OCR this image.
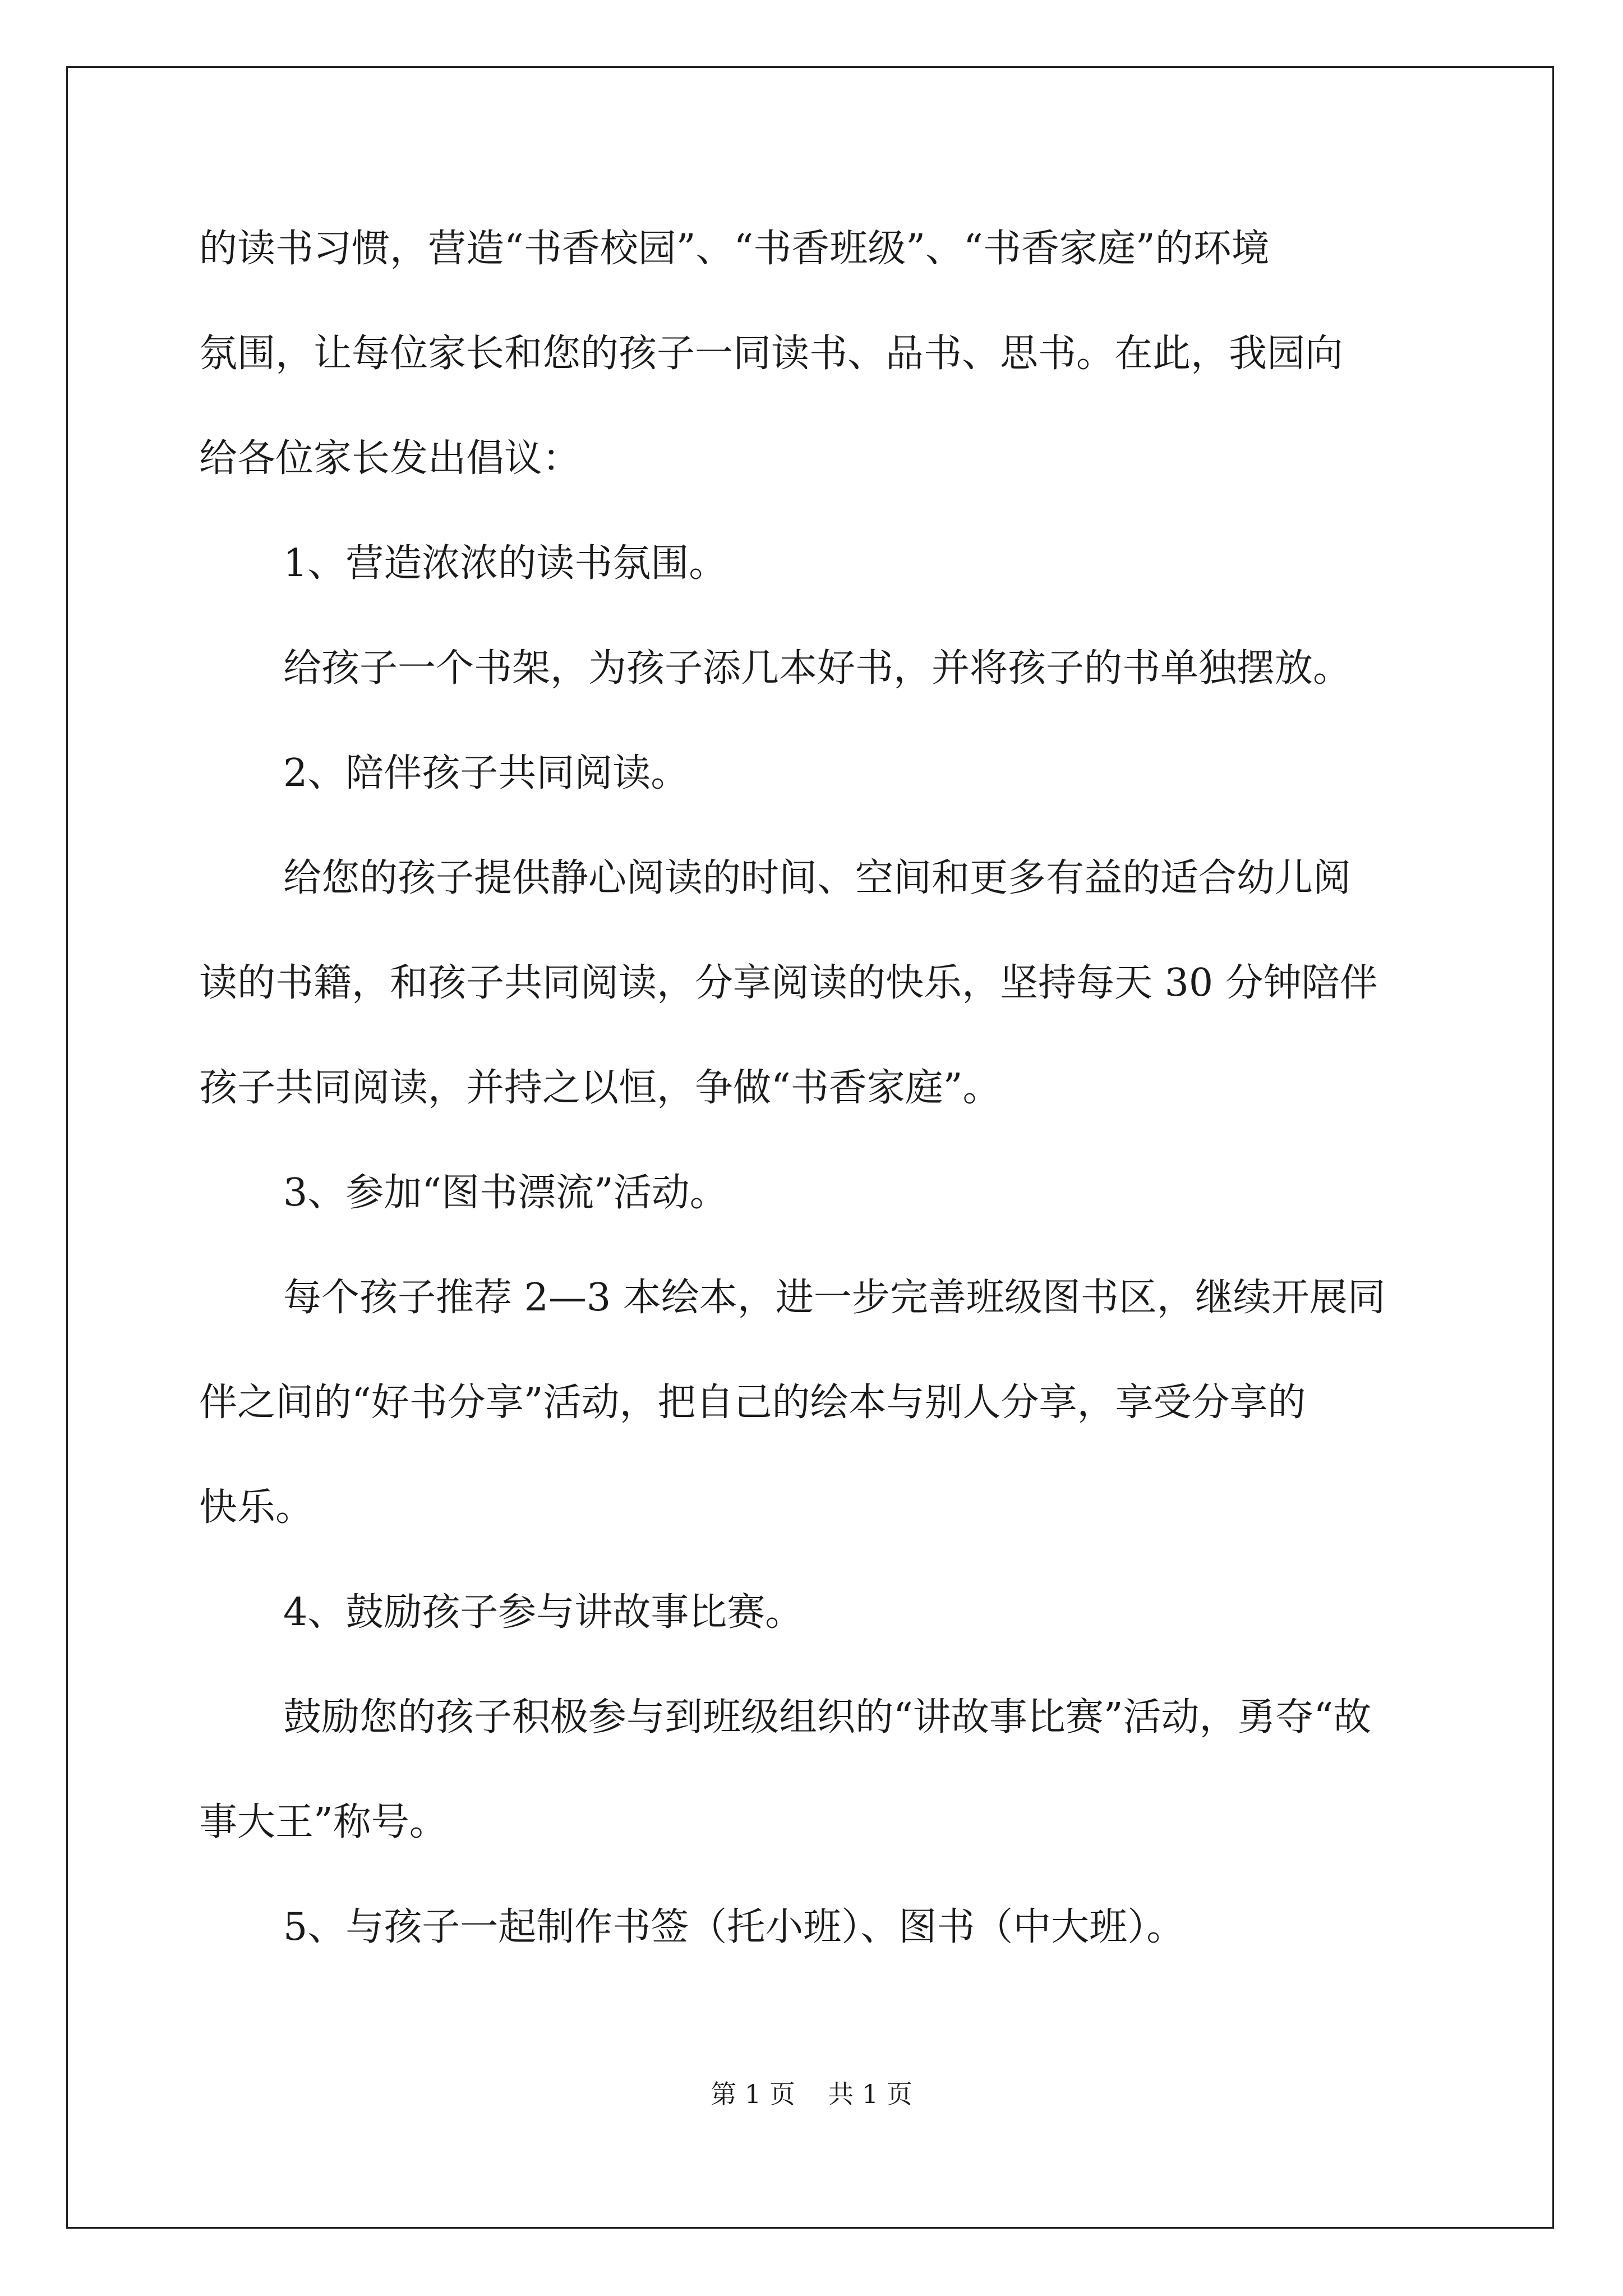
的读书习惯，营造“书香校园”、“书香班级”、“书香家庭”的环境
氛围，让每位家长和您的孩子一同读书、品书、思书。在此，我园向
给各位家长发出倡议：
1、营造浓浓的读书氛围。
给孩子一个书架，为孩子添几本好书，并将孩子的书单独摆放。
2、陪伴孩子共同阅读。
给您的孩子提供静心阅读的时间、空间和更多有益的适合幼儿阅
读的书籍，和孩子共同阅读，分享阅读的快乐，坚持每天 30 分钟陪伴
孩子共同阅读，并持之以恒，争做“书香家庭”。
3、参加“图书漂流”活动。
每个孩子推荐 2—3 本绘本，进一步完善班级图书区，继续开展同
伴之间的“好书分享”活动，把自己的绘本与别人分享，享受分享的
快乐。
4、鼓励孩子参与讲故事比赛。
鼓励您的孩子积极参与到班级组织的“讲故事比赛”活动，勇夺“故
事大王”称号。
5、与孩子一起制作书签（托小班）、图书（中大班）。
第 1 页    共 1 页
